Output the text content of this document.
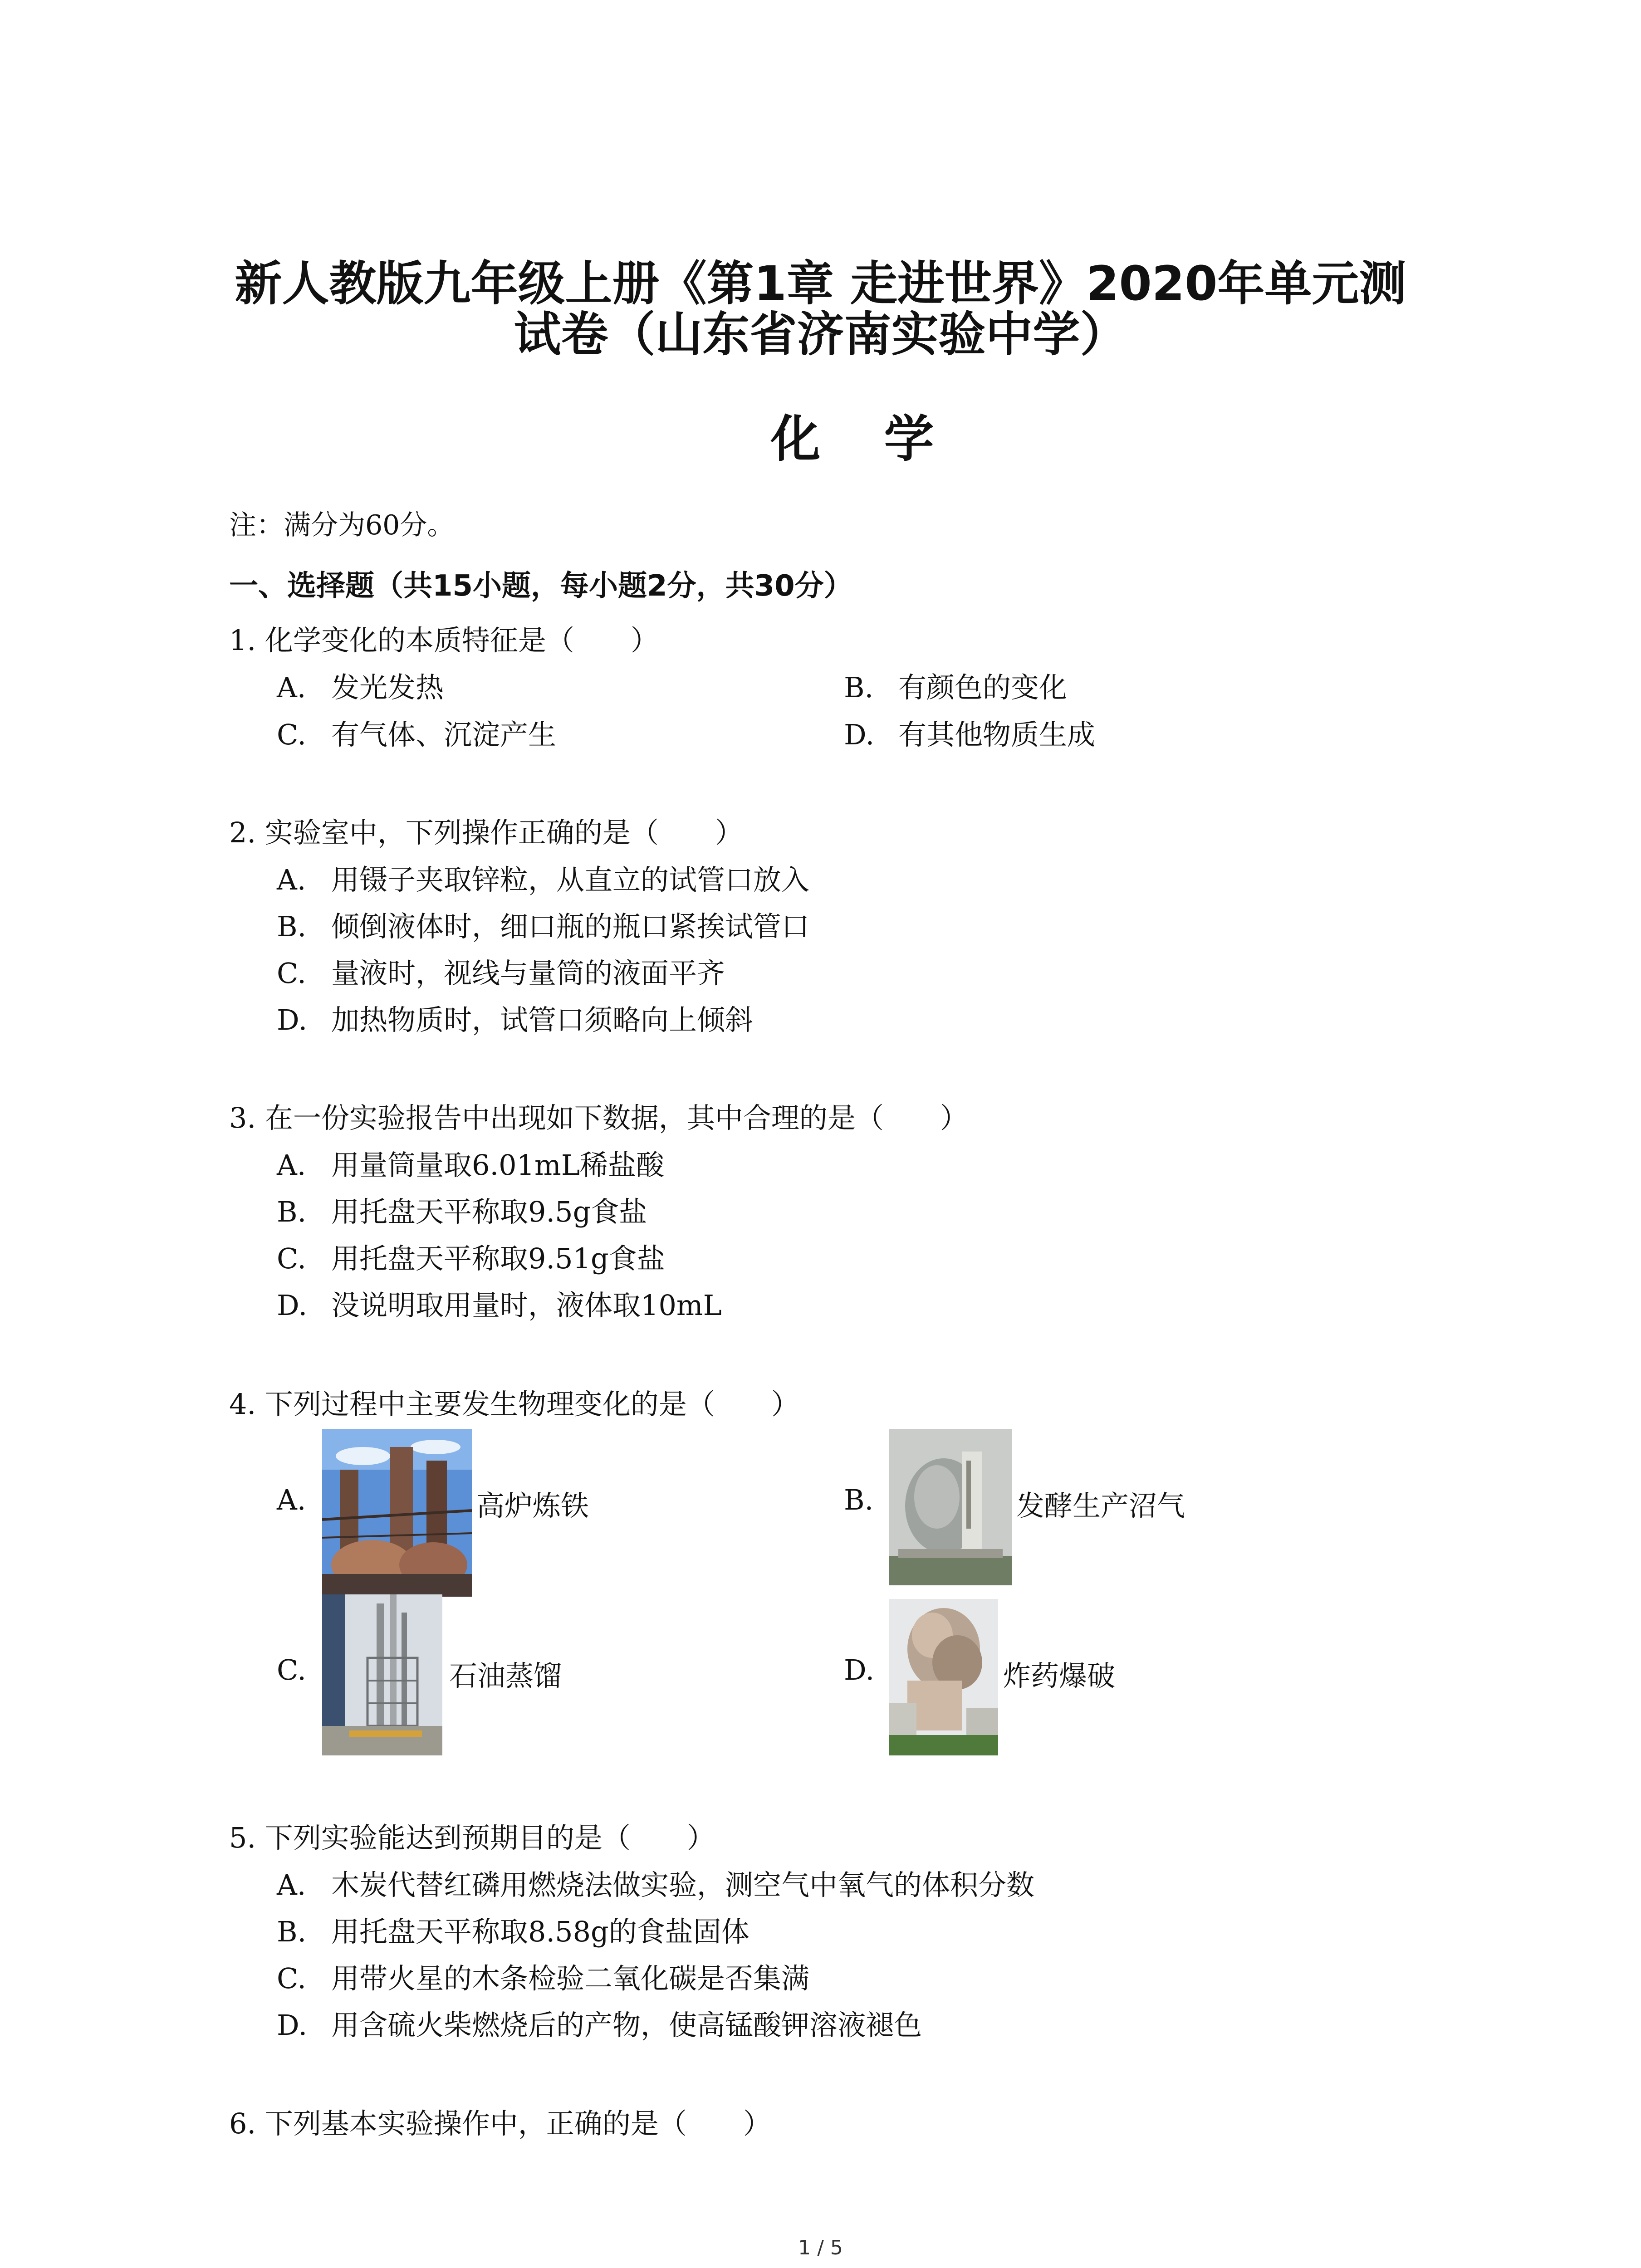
新人教版九年级上册《第1章 走进世界》2020年单元测
试卷（山东省济南实验中学）
化学
注：满分为60分。
一、选择题（共15小题，每小题2分，共30分）
1. 化学变化的本质特征是（　　）
A. 发光发热	B. 有颜色的变化
C. 有气体、沉淀产生	D. 有其他物质生成
2. 实验室中，下列操作正确的是（　　）
A. 用镊子夹取锌粒，从直立的试管口放入
B. 倾倒液体时，细口瓶的瓶口紧挨试管口
C. 量液时，视线与量筒的液面平齐
D. 加热物质时，试管口须略向上倾斜
3. 在一份实验报告中出现如下数据，其中合理的是（　　）
A. 用量筒量取6.01mL稀盐酸
B. 用托盘天平称取9.5g食盐
C. 用托盘天平称取9.51g食盐
D. 没说明取用量时，液体取10mL
4. 下列过程中主要发生物理变化的是（　　）
A.	高炉炼铁	B.	发酵生产沼气
C.	石油蒸馏	D.	炸药爆破
5. 下列实验能达到预期目的是（　　）
A. 木炭代替红磷用燃烧法做实验，测空气中氧气的体积分数
B. 用托盘天平称取8.58g的食盐固体
C. 用带火星的木条检验二氧化碳是否集满
D. 用含硫火柴燃烧后的产物，使高锰酸钾溶液褪色
6. 下列基本实验操作中，正确的是（　　）
1 / 5
